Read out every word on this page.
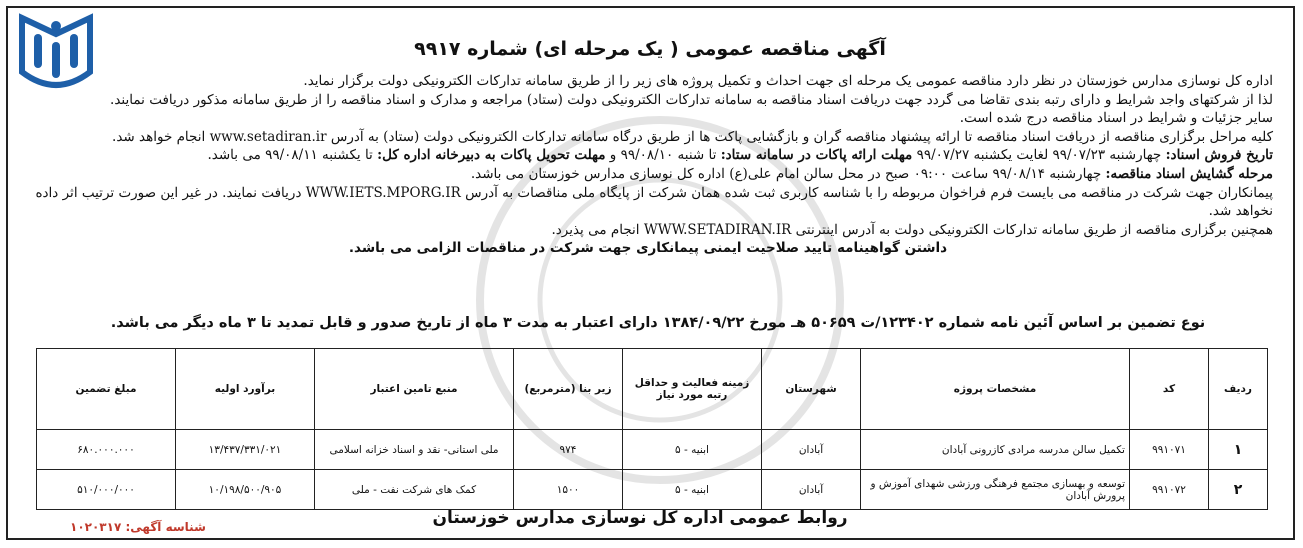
آگهی مناقصه عمومی ( یک مرحله ای) شماره ۹۹۱۷

اداره کل نوسازی مدارس خوزستان در نظر دارد مناقصه عمومی یک مرحله ای جهت احداث و تکمیل پروژه های زیر را از طریق سامانه تدارکات الکترونیکی دولت برگزار نماید.

لذا از شرکتهای واجد شرایط و دارای رتبه بندی تقاضا می گردد جهت دریافت اسناد مناقصه به سامانه تدارکات الکترونیکی دولت (ستاد) مراجعه و مدارک و اسناد مناقصه را از طریق سامانه مذکور دریافت نمایند.

سایر جزئیات و شرایط در اسناد مناقصه درج شده است.

کلیه مراحل برگزاری مناقصه از دریافت اسناد مناقصه تا ارائه پیشنهاد مناقصه گران و بازگشایی پاکت ها از طریق درگاه سامانه تدارکات الکترونیکی دولت (ستاد) به آدرس www.setadiran.ir انجام خواهد شد.

تاریخ فروش اسناد: چهارشنبه ۹۹/۰۷/۲۳ لغایت یکشنبه ۹۹/۰۷/۲۷ مهلت ارائه پاکات در سامانه ستاد: تا شنبه ۹۹/۰۸/۱۰ و مهلت تحویل پاکات به دبیرخانه اداره کل: تا یکشنبه ۹۹/۰۸/۱۱ می باشد.

مرحله گشایش اسناد مناقصه: چهارشنبه ۹۹/۰۸/۱۴ ساعت ۰۹:۰۰ صبح در محل سالن امام علی(ع) اداره کل نوسازی مدارس خوزستان می باشد.

پیمانکاران جهت شرکت در مناقصه می بایست فرم فراخوان مربوطه را با شناسه کاربری ثبت شده همان شرکت از پایگاه ملی مناقصات به آدرس WWW.IETS.MPORG.IR دریافت نمایند. در غیر این صورت ترتیب اثر داده نخواهد شد.

همچنین برگزاری مناقصه از طریق سامانه تدارکات الکترونیکی دولت به آدرس اینترنتی WWW.SETADIRAN.IR انجام می پذیرد.

داشتن گواهینامه تایید صلاحیت ایمنی پیمانکاری جهت شرکت در مناقصات الزامی می باشد.

نوع تضمین بر اساس آئین نامه شماره ۱۲۳۴۰۲/ت ۵۰۶۵۹ هـ مورخ ۱۳۸۴/۰۹/۲۲ دارای اعتبار به مدت ۳ ماه از تاریخ صدور و قابل تمدید تا ۳ ماه دیگر می باشد.
ردیف	کد	مشخصات پروژه	شهرستان	زمینه فعالیت و حداقل رتبه مورد نیاز	زیر بنا (مترمربع)	منبع تامین اعتبار	برآورد اولیه	مبلغ تضمین
۱	۹۹۱۰۷۱	تکمیل سالن مدرسه مرادی کازرونی آبادان	آبادان	ابنیه - ۵	۹۷۴	ملی استانی- نقد و اسناد خزانه اسلامی	۱۳/۴۳۷/۳۳۱/۰۲۱	۶۸۰.۰۰۰.۰۰۰
۲	۹۹۱۰۷۲	توسعه و بهسازی مجتمع فرهنگی ورزشی شهدای آموزش و پرورش آبادان	آبادان	ابنیه - ۵	۱۵۰۰	کمک های شرکت نفت - ملی	۱۰/۱۹۸/۵۰۰/۹۰۵	۵۱۰/۰۰۰/۰۰۰
روابط عمومی اداره کل نوسازی مدارس خوزستان
شناسه آگهی: ۱۰۲۰۳۱۷
